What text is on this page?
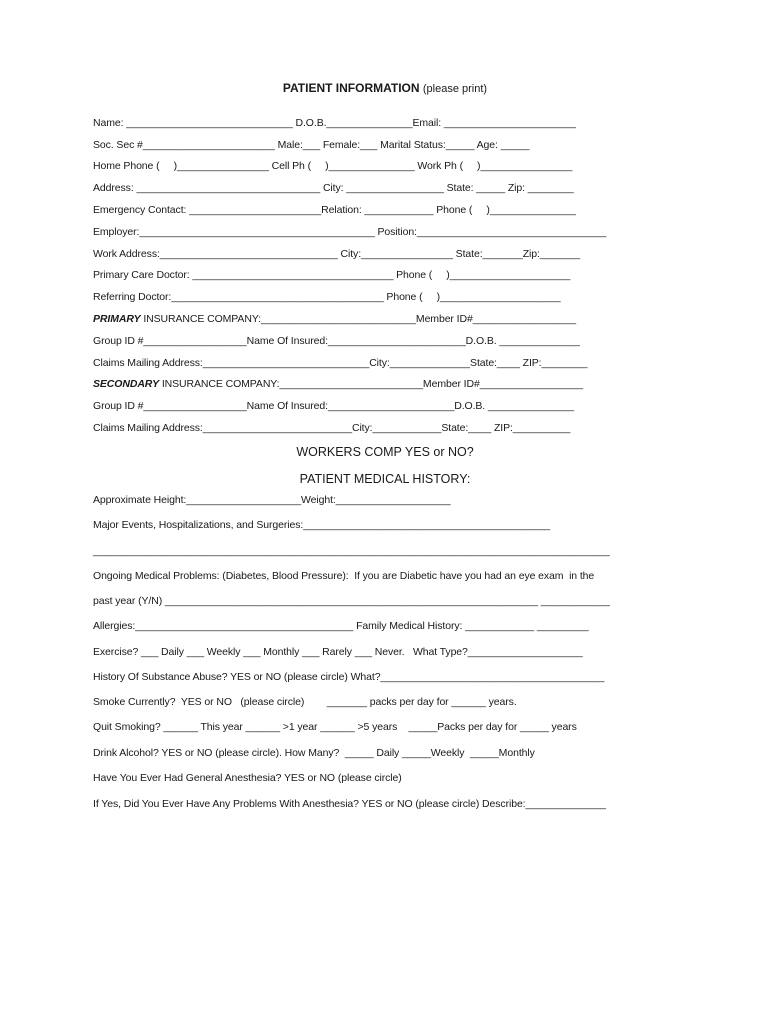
PATIENT INFORMATION (please print)
Name: _____________________________ D.O.B._______________Email: _______________________
Soc. Sec #_______________________ Male:___ Female:___ Marital Status:_____ Age: _____
Home Phone (     )________________ Cell Ph (     )_______________ Work Ph (     )________________
Address: ________________________________ City: _________________ State: _____ Zip: ________
Emergency Contact: _______________________Relation: ____________ Phone (     )_______________
Employer:_________________________________________ Position:_________________________________
Work Address:_______________________________ City:________________ State:_______Zip:_______
Primary Care Doctor: ___________________________________ Phone (     )_____________________
Referring Doctor:_____________________________________ Phone (     )_____________________
PRIMARY INSURANCE COMPANY:___________________________Member ID#__________________
Group ID #__________________Name Of Insured:________________________D.O.B. ______________
Claims Mailing Address:_____________________________City:______________State:____ ZIP:________
SECONDARY INSURANCE COMPANY:_________________________Member ID#__________________
Group ID #__________________Name Of Insured:______________________D.O.B. _______________
Claims Mailing Address:__________________________City:____________State:____ ZIP:__________
WORKERS COMP YES or NO?
PATIENT MEDICAL HISTORY:
Approximate Height:____________________Weight:____________________
Major Events, Hospitalizations, and Surgeries:___________________________________________
__________________________________________________________________________________________
Ongoing Medical Problems: (Diabetes, Blood Pressure):  If you are Diabetic have you had an eye exam  in the
past year (Y/N) _________________________________________________________________ ____________
Allergies:______________________________________ Family Medical History: ____________ _________
Exercise? ___ Daily ___ Weekly ___ Monthly ___ Rarely ___ Never.   What Type?____________________
History Of Substance Abuse? YES or NO (please circle) What?_______________________________________
Smoke Currently?  YES or NO   (please circle)        _______ packs per day for ______ years.
Quit Smoking? ______ This year ______ >1 year ______ >5 years    _____Packs per day for _____ years
Drink Alcohol? YES or NO (please circle). How Many?  _____ Daily _____Weekly  _____Monthly
Have You Ever Had General Anesthesia? YES or NO (please circle)
If Yes, Did You Ever Have Any Problems With Anesthesia? YES or NO (please circle) Describe:______________
